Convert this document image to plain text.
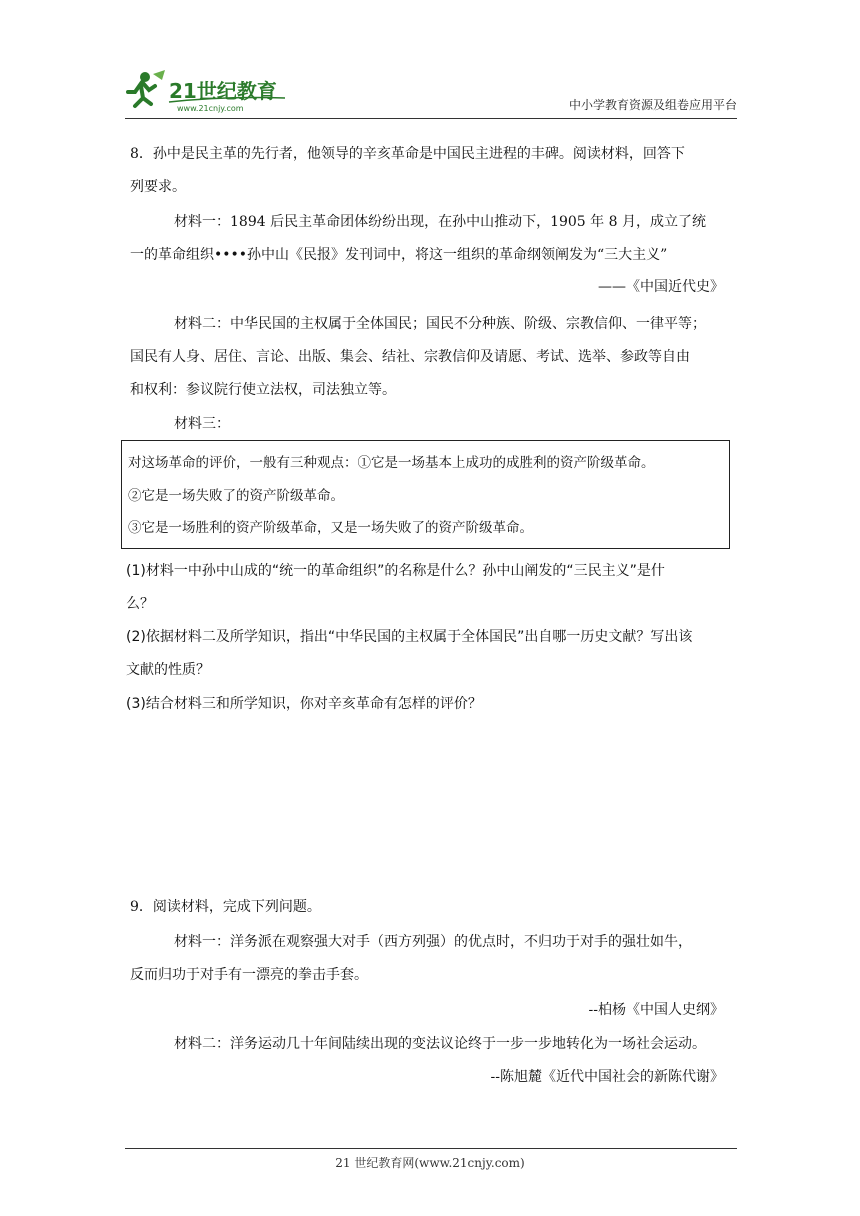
21世纪教育
www.21cnjy.com	中小学教育资源及组卷应用平台
8．孙中是民主革的先行者，他领导的辛亥革命是中国民主进程的丰碑。阅读材料，回答下
列要求。
材料一：1894 后民主革命团体纷纷出现，在孙中山推动下，1905 年 8 月，成立了统
一的革命组织••••孙中山《民报》发刊词中，将这一组织的革命纲领阐发为“三大主义”
——《中国近代史》
材料二：中华民国的主权属于全体国民；国民不分种族、阶级、宗教信仰、一律平等；
国民有人身、居住、言论、出版、集会、结社、宗教信仰及请愿、考试、选举、参政等自由
和权利：参议院行使立法权，司法独立等。
材料三：
对这场革命的评价，一般有三种观点：①它是一场基本上成功的成胜利的资产阶级革命。
②它是一场失败了的资产阶级革命。
③它是一场胜利的资产阶级革命，又是一场失败了的资产阶级革命。
(1)材料一中孙中山成的“统一的革命组织”的名称是什么？孙中山阐发的“三民主义”是什
么？
(2)依据材料二及所学知识，指出“中华民国的主权属于全体国民”出自哪一历史文献？写出该
文献的性质？
(3)结合材料三和所学知识，你对辛亥革命有怎样的评价？
9．阅读材料，完成下列问题。
材料一：洋务派在观察强大对手（西方列强）的优点时，不归功于对手的强壮如牛，
反而归功于对手有一漂亮的拳击手套。
--柏杨《中国人史纲》
材料二：洋务运动几十年间陆续出现的变法议论终于一步一步地转化为一场社会运动。
--陈旭麓《近代中国社会的新陈代谢》
21 世纪教育网(www.21cnjy.com)
